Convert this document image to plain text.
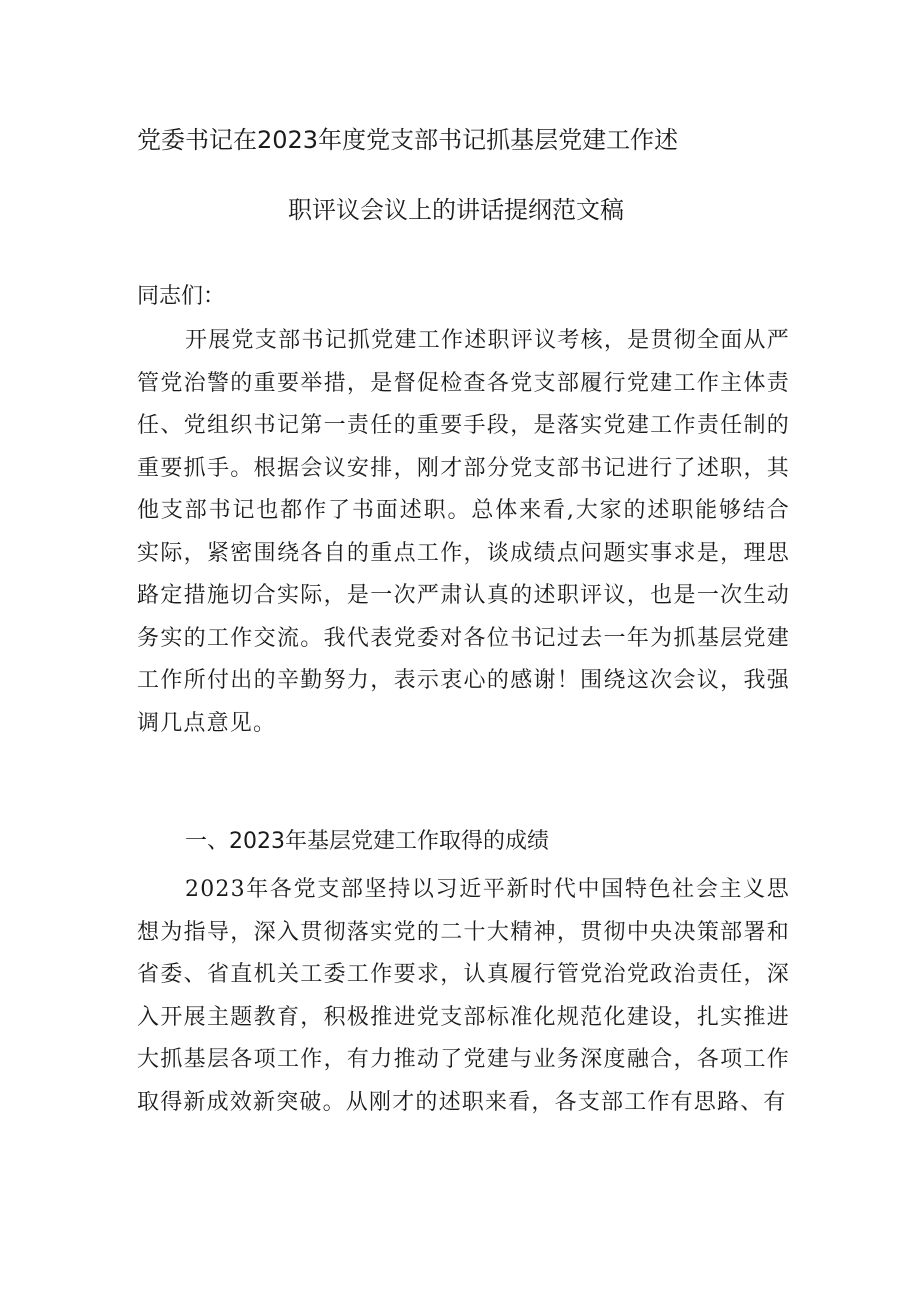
党委书记在2023年度党支部书记抓基层党建工作述
职评议会议上的讲话提纲范文稿

同志们：

开展党支部书记抓党建工作述职评议考核，是贯彻全面从严管党治警的重要举措，是督促检查各党支部履行党建工作主体责任、党组织书记第一责任的重要手段，是落实党建工作责任制的重要抓手。根据会议安排，刚才部分党支部书记进行了述职，其他支部书记也都作了书面述职。总体来看,大家的述职能够结合实际，紧密围绕各自的重点工作，谈成绩点问题实事求是，理思路定措施切合实际，是一次严肃认真的述职评议，也是一次生动务实的工作交流。我代表党委对各位书记过去一年为抓基层党建工作所付出的辛勤努力，表示衷心的感谢！围绕这次会议，我强调几点意见。

一、2023年基层党建工作取得的成绩

2023年各党支部坚持以习近平新时代中国特色社会主义思想为指导，深入贯彻落实党的二十大精神，贯彻中央决策部署和省委、省直机关工委工作要求，认真履行管党治党政治责任，深入开展主题教育，积极推进党支部标准化规范化建设，扎实推进大抓基层各项工作，有力推动了党建与业务深度融合，各项工作取得新成效新突破。从刚才的述职来看，各支部工作有思路、有
